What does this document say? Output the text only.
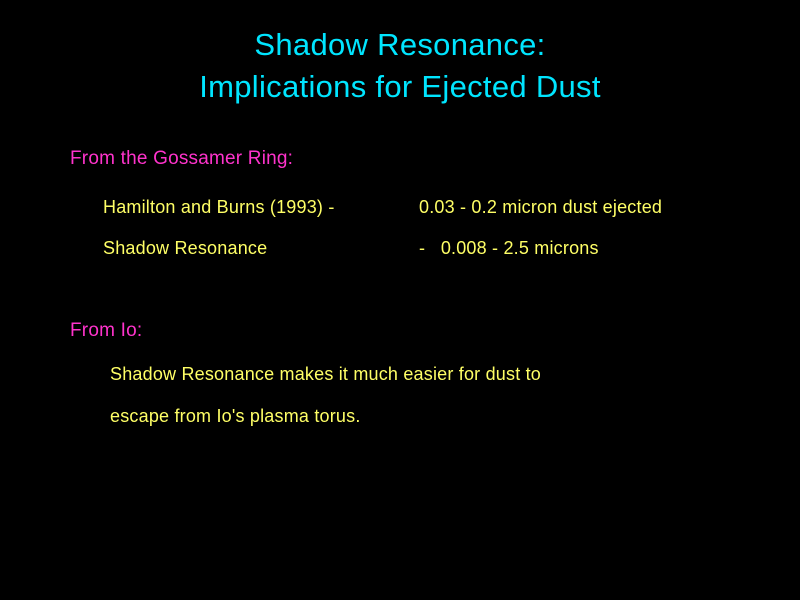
Shadow Resonance:
Implications for Ejected Dust
From the Gossamer Ring:
Hamilton and Burns (1993) -	0.03 - 0.2 micron dust ejected
Shadow Resonance	- 0.008 - 2.5 microns
From Io:
Shadow Resonance makes it much easier for dust to
escape from Io's plasma torus.
